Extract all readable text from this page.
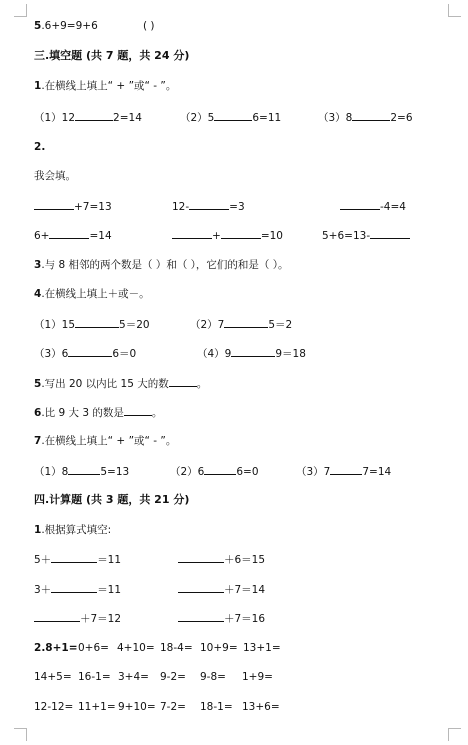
5.6+9=9+6	( )
三.填空题 (共 7 题，共 24 分)
1.在横线上填上“ + ”或“ - ”。
（1）12	2=14	（2）5	6=11	（3）8	2=6
2.
我会填。
+7=13	12-	=3	-4=4
6+	=14	+	=10	5+6=13-
3.与 8 相邻的两个数是（ ）和（ ），它们的和是（ ）。
4.在横线上填上＋或－。
（1）15	5＝20	（2）7	5＝2
（3）6	6＝0	（4）9	9＝18
5.写出 20 以内比 15 大的数	。
6.比 9 大 3 的数是	。
7.在横线上填上“ + ”或“ - ”。
（1）8	5=13	（2）6	6=0	（3）7	7=14
四.计算题 (共 3 题，共 21 分)
1.根据算式填空:
5＋	＝11	＋6＝15
3＋	＝11	＋7＝14
＋7＝12	＋7＝16
2.8+1= 0+6= 4+10= 18-4= 10+9= 13+1=
14+5= 16-1= 3+4= 9-2= 9-8= 1+9=
12-12= 11+1= 9+10= 7-2= 18-1= 13+6=
